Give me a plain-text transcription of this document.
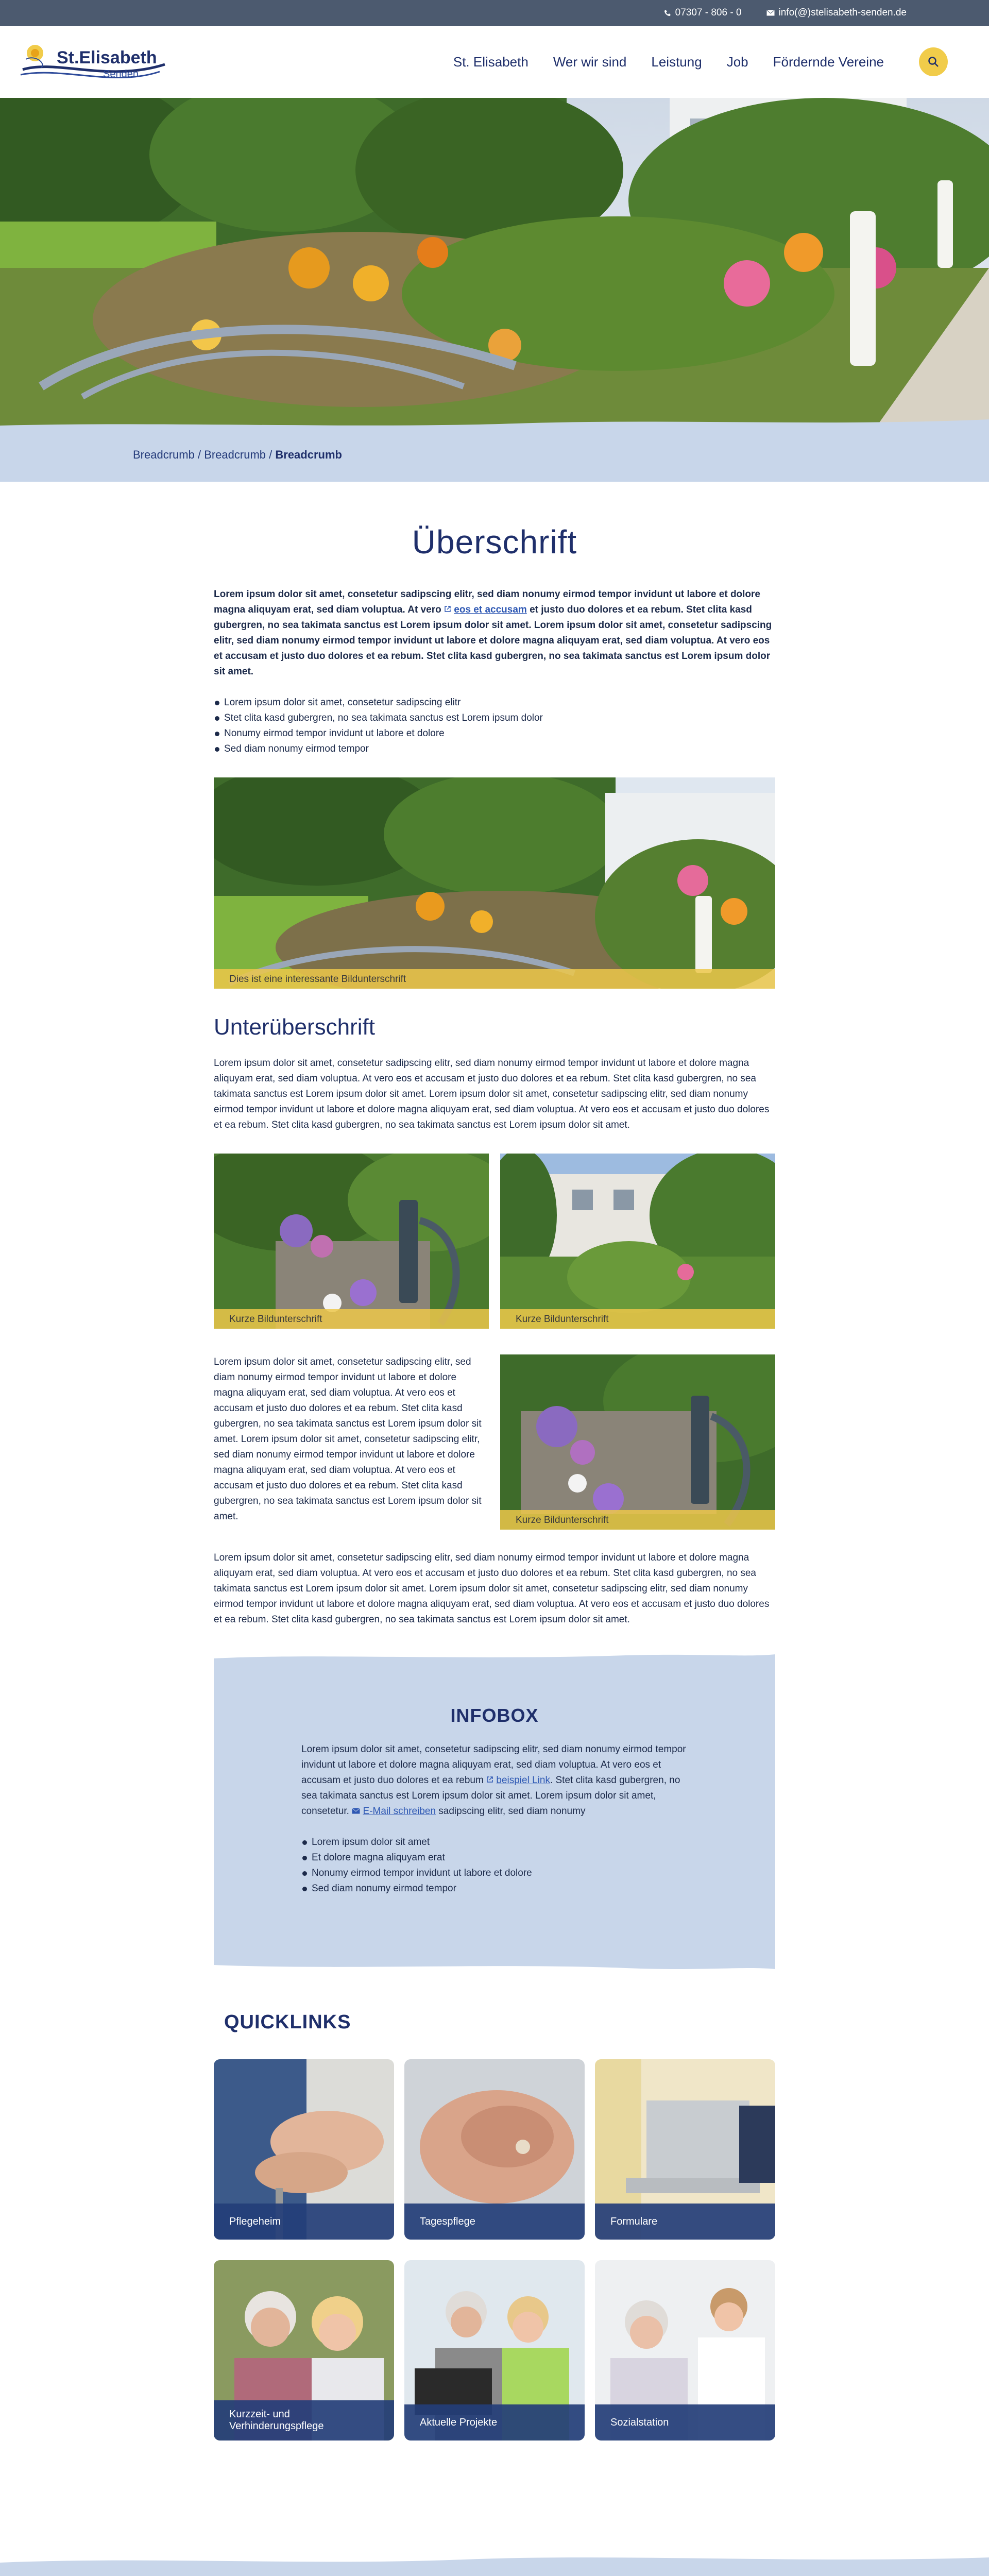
07307 - 806 - 0	info(@)stelisabeth-senden.de
St.Elisabeth
Senden
St. Elisabeth Wer wir sind Leistung Job Fördernde Vereine
Breadcrumb / Breadcrumb / Breadcrumb
Überschrift

Lorem ipsum dolor sit amet, consetetur sadipscing elitr, sed diam nonumy eirmod tempor invidunt ut labore et dolore magna aliquyam erat, sed diam voluptua. At vero  eos et accusam et justo duo dolores et ea rebum. Stet clita kasd gubergren, no sea takimata sanctus est Lorem ipsum dolor sit amet. Lorem ipsum dolor sit amet, consetetur sadipscing elitr, sed diam nonumy eirmod tempor invidunt ut labore et dolore magna aliquyam erat, sed diam voluptua. At vero eos et accusam et justo duo dolores et ea rebum. Stet clita kasd gubergren, no sea takimata sanctus est Lorem ipsum dolor sit amet.

Lorem ipsum dolor sit amet, consetetur sadipscing elitr
Stet clita kasd gubergren, no sea takimata sanctus est Lorem ipsum dolor
Nonumy eirmod tempor invidunt ut labore et dolore
Sed diam nonumy eirmod tempor
Dies ist eine interessante Bildunterschrift
Unterüberschrift

Lorem ipsum dolor sit amet, consetetur sadipscing elitr, sed diam nonumy eirmod tempor invidunt ut labore et dolore magna aliquyam erat, sed diam voluptua. At vero eos et accusam et justo duo dolores et ea rebum. Stet clita kasd gubergren, no sea takimata sanctus est Lorem ipsum dolor sit amet. Lorem ipsum dolor sit amet, consetetur sadipscing elitr, sed diam nonumy eirmod tempor invidunt ut labore et dolore magna aliquyam erat, sed diam voluptua. At vero eos et accusam et justo duo dolores et ea rebum. Stet clita kasd gubergren, no sea takimata sanctus est Lorem ipsum dolor sit amet.

Kurze Bildunterschrift	Kurze Bildunterschrift

Lorem ipsum dolor sit amet, consetetur sadipscing elitr, sed diam nonumy eirmod tempor invidunt ut labore et dolore magna aliquyam erat, sed diam voluptua. At vero eos et accusam et justo duo dolores et ea rebum. Stet clita kasd gubergren, no sea takimata sanctus est Lorem ipsum dolor sit amet. Lorem ipsum dolor sit amet, consetetur sadipscing elitr, sed diam nonumy eirmod tempor invidunt ut labore et dolore magna aliquyam erat, sed diam voluptua. At vero eos et accusam et justo duo dolores et ea rebum. Stet clita kasd gubergren, no sea takimata sanctus est Lorem ipsum dolor sit amet.	Kurze Bildunterschrift

Lorem ipsum dolor sit amet, consetetur sadipscing elitr, sed diam nonumy eirmod tempor invidunt ut labore et dolore magna aliquyam erat, sed diam voluptua. At vero eos et accusam et justo duo dolores et ea rebum. Stet clita kasd gubergren, no sea takimata sanctus est Lorem ipsum dolor sit amet. Lorem ipsum dolor sit amet, consetetur sadipscing elitr, sed diam nonumy eirmod tempor invidunt ut labore et dolore magna aliquyam erat, sed diam voluptua. At vero eos et accusam et justo duo dolores et ea rebum. Stet clita kasd gubergren, no sea takimata sanctus est Lorem ipsum dolor sit amet.

INFOBOX

Lorem ipsum dolor sit amet, consetetur sadipscing elitr, sed diam nonumy eirmod tempor invidunt ut labore et dolore magna aliquyam erat, sed diam voluptua. At vero eos et accusam et justo duo dolores et ea rebum  beispiel Link. Stet clita kasd gubergren, no sea takimata sanctus est Lorem ipsum dolor sit amet. Lorem ipsum dolor sit amet, consetetur.  E-Mail schreiben sadipscing elitr, sed diam nonumy

Lorem ipsum dolor sit amet
Et dolore magna aliquyam erat
Nonumy eirmod tempor invidunt ut labore et dolore
Sed diam nonumy eirmod tempor
QUICKLINKS
Pflegeheim	Tagespflege	Formulare
Kurzzeit- und Verhinderungspflege	Aktuelle Projekte	Sozialstation
